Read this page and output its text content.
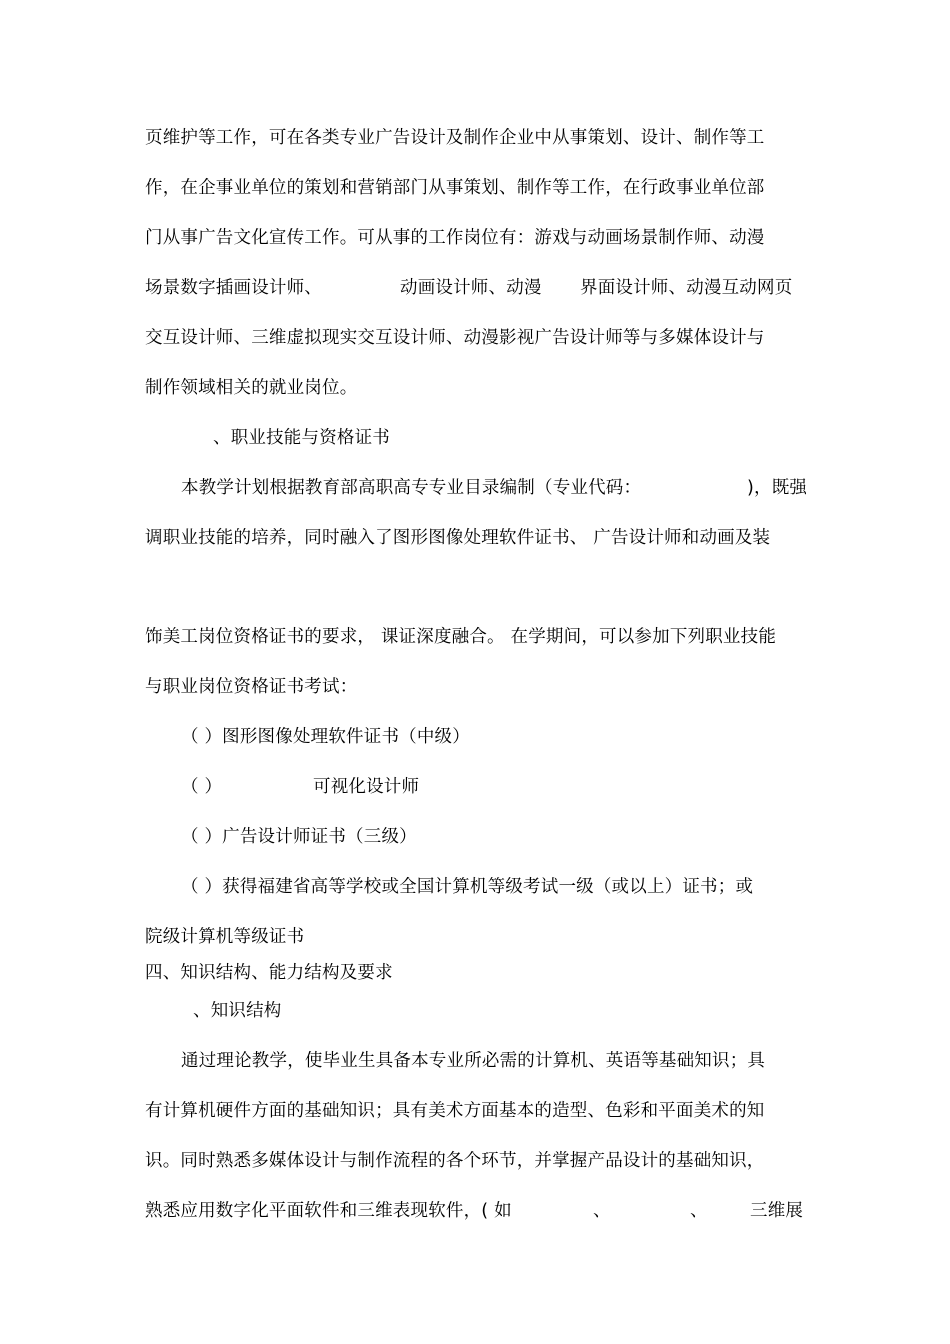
页维护等工作，可在各类专业广告设计及制作企业中从事策划、设计、制作等工
作，在企事业单位的策划和营销部门从事策划、制作等工作，在行政事业单位部
门从事广告文化宣传工作。可从事的工作岗位有：游戏与动画场景制作师、动漫
场景数字插画设计师、	动画设计师、动漫 界面设计师、动漫互动网页
交互设计师、三维虚拟现实交互设计师、动漫影视广告设计师等与多媒体设计与
制作领域相关的就业岗位。
、职业技能与资格证书
本教学计划根据教育部高职高专专业目录编制（专业代码：	)，既强
调职业技能的培养，同时融入了图形图像处理软件证书、 广告设计师和动画及装
饰美工岗位资格证书的要求， 课证深度融合。 在学期间，可以参加下列职业技能
与职业岗位资格证书考试：
（ ）图形图像处理软件证书（中级）
（ ）	可视化设计师
（ ）广告设计师证书（三级）
（ ）获得福建省高等学校或全国计算机等级考试一级（或以上）证书；或
院级计算机等级证书
四、知识结构、能力结构及要求
、知识结构
通过理论教学，使毕业生具备本专业所必需的计算机、英语等基础知识；具
有计算机硬件方面的基础知识；具有美术方面基本的造型、色彩和平面美术的知
识。同时熟悉多媒体设计与制作流程的各个环节，并掌握产品设计的基础知识，
熟悉应用数字化平面软件和三维表现软件，( 如	、	、 三维展
